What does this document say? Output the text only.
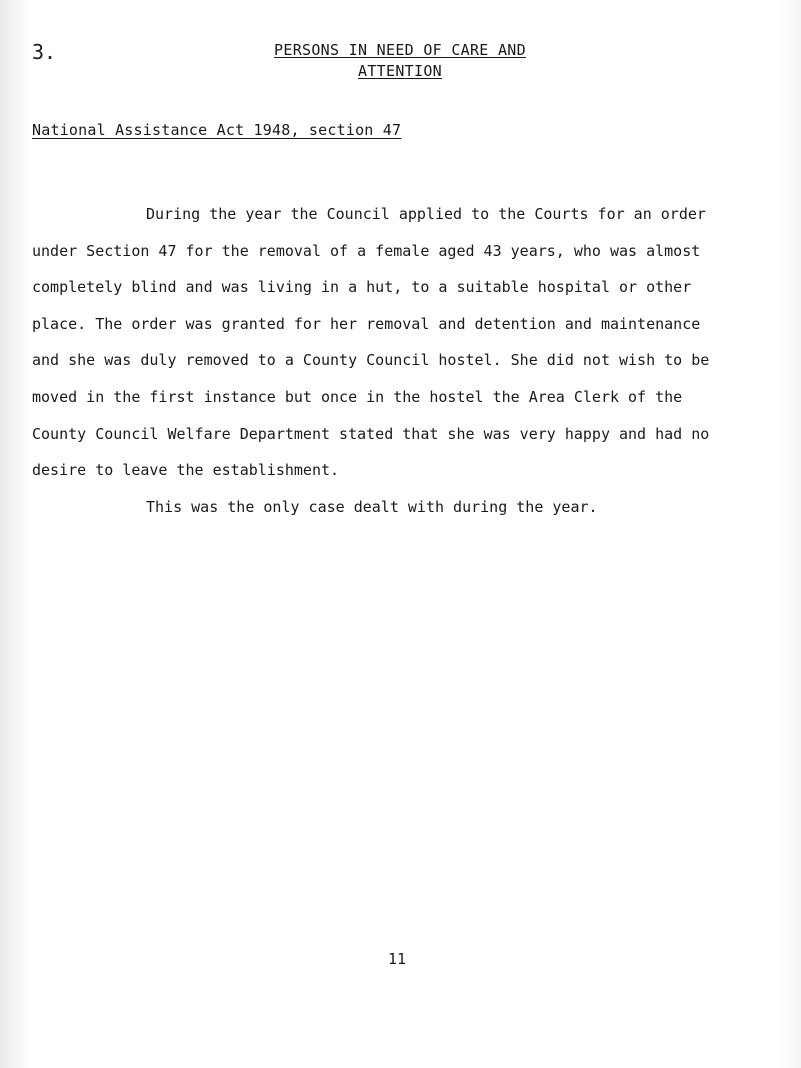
3.	PERSONS IN NEED OF CARE AND
ATTENTION
National Assistance Act 1948, section 47

During the year the Council applied to the Courts for an order
under Section 47 for the removal of a female aged 43 years, who was almost
completely blind and was living in a hut, to a suitable hospital or other
place. The order was granted for her removal and detention and maintenance
and she was duly removed to a County Council hostel. She did not wish to be
moved in the first instance but once in the hostel the Area Clerk of the
County Council Welfare Department stated that she was very happy and had no
desire to leave the establishment.

This was the only case dealt with during the year.

11
